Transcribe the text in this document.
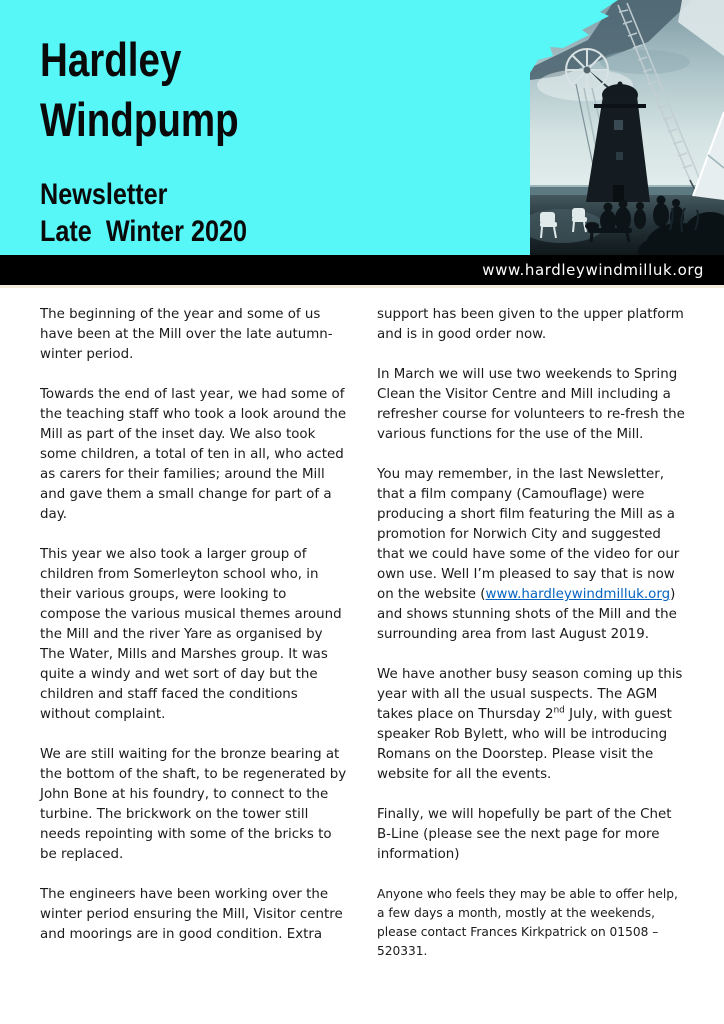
Hardley
Windpump
Newsletter
Late  Winter 2020
www.hardleywindmilluk.org

The beginning of the year and some of us have been at the Mill over the late autumn-winter period.

Towards the end of last year, we had some of the teaching staff who took a look around the Mill as part of the inset day. We also took some children, a total of ten in all, who acted as carers for their families; around the Mill and gave them a small change for part of a day.

This year we also took a larger group of children from Somerleyton school who, in their various groups, were looking to compose the various musical themes around the Mill and the river Yare as organised by The Water, Mills and Marshes group. It was quite a windy and wet sort of day but the children and staff faced the conditions without complaint.

We are still waiting for the bronze bearing at the bottom of the shaft, to be regenerated by John Bone at his foundry, to connect to the turbine. The brickwork on the tower still needs repointing with some of the bricks to be replaced.

The engineers have been working over the winter period ensuring the Mill, Visitor centre and moorings are in good condition. Extra

support has been given to the upper platform and is in good order now.

In March we will use two weekends to Spring Clean the Visitor Centre and Mill including a refresher course for volunteers to re-fresh the various functions for the use of the Mill.

You may remember, in the last Newsletter, that a film company (Camouflage) were producing a short film featuring the Mill as a promotion for Norwich City and suggested that we could have some of the video for our own use. Well I’m pleased to say that is now on the website (www.hardleywindmilluk.org) and shows stunning shots of the Mill and the surrounding area from last August 2019.

We have another busy season coming up this year with all the usual suspects. The AGM takes place on Thursday 2nd July, with guest speaker Rob Bylett, who will be introducing Romans on the Doorstep. Please visit the website for all the events.

Finally, we will hopefully be part of the Chet B-Line (please see the next page for more information)

Anyone who feels they may be able to offer help, a few days a month, mostly at the weekends, please contact Frances Kirkpatrick on 01508 – 520331.
